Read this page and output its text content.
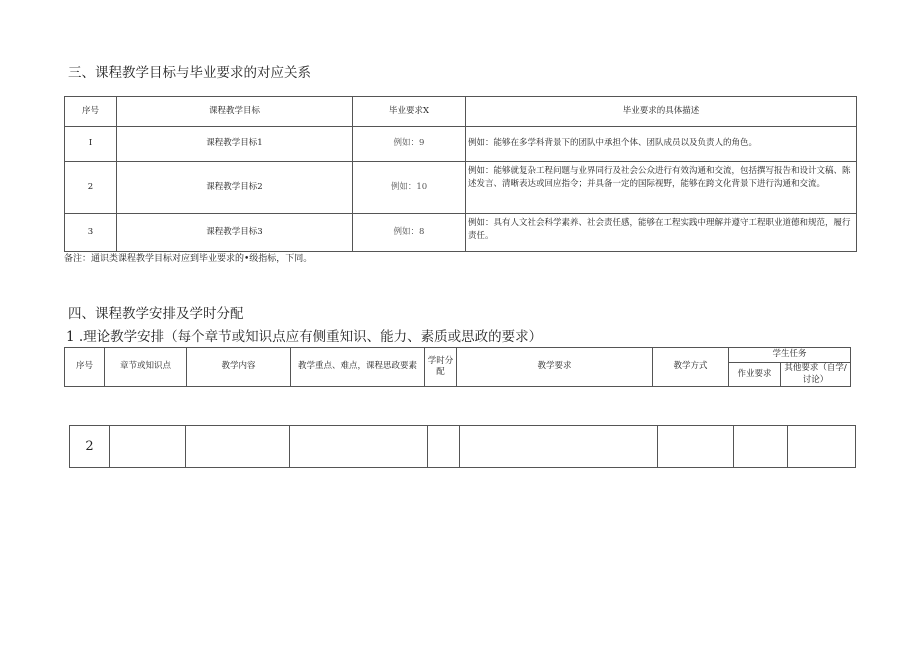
三、课程教学目标与毕业要求的对应关系
序号	课程教学目标	毕业要求X	毕业要求的具体描述
I	课程教学目标1	例如：9	例如：能够在多学科背景下的团队中承担个体、团队成员以及负责人的角色。
2	课程教学目标2	例如：10	例如：能够就复杂工程问题与业界同行及社会公众进行有效沟通和交流，包括撰写报告和设计文稿、陈述发言、清晰表达或回应指令；并具备一定的国际视野，能够在跨文化背景下进行沟通和交流。
3	课程教学目标3	例如：8	例如：具有人文社会科学素养、社会责任感，能够在工程实践中理解并遵守工程职业道德和规范，履行责任。
备注：通识类课程教学目标对应到毕业要求的•级指标，下同。
四、课程教学安排及学时分配
1 .理论教学安排（每个章节或知识点应有侧重知识、能力、素质或思政的要求）
序号	章节或知识点	教学内容	教学重点、难点，课程思政要素	学时分配	教学要求	教学方式	学生任务	
							作业要求	其他要求（自学/讨论）
2								
